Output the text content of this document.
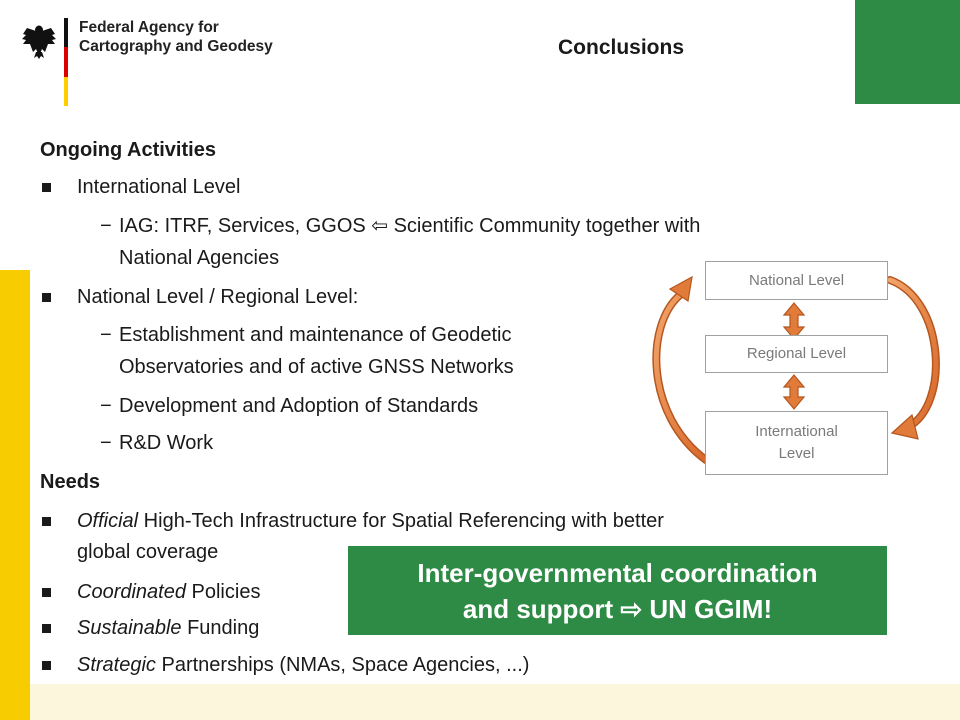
Federal Agency for
Cartography and Geodesy	Conclusions
Ongoing Activities
International Level
− IAG: ITRF, Services, GGOS ⇦ Scientific Community together with
National Agencies
National Level / Regional Level:
− Establishment and maintenance of Geodetic
Observatories and of active GNSS Networks
− Development and Adoption of Standards
− R&D Work
Needs
Official High-Tech Infrastructure for Spatial Referencing with better
global coverage
Coordinated Policies
Sustainable Funding
Strategic Partnerships (NMAs, Space Agencies, ...)
National Level
Regional Level
International
Level
Inter-governmental coordination
and support ⇨ UN GGIM!
